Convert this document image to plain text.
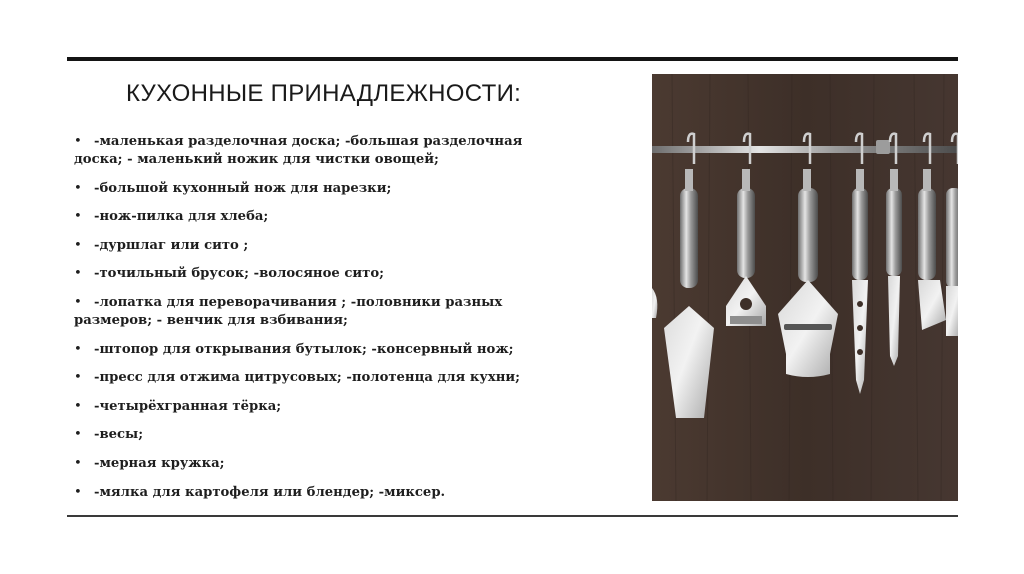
КУХОННЫЕ ПРИНАДЛЕЖНОСТИ:
• -маленькая разделочная доска; -большая разделочная доска; - маленький ножик для чистки овощей;
• -большой кухонный нож для нарезки;
• -нож-пилка для хлеба;
• -дуршлаг или сито ;
• -точильный брусок; -волосяное сито;
• -лопатка для переворачивания ; -половники разных размеров; - венчик для взбивания;
• -штопор для открывания бутылок; -консервный нож;
• -пресс для отжима цитрусовых; -полотенца для кухни;
• -четырёхгранная тёрка;
• -весы;
• -мерная кружка;
• -мялка для картофеля или блендер; -миксер.
